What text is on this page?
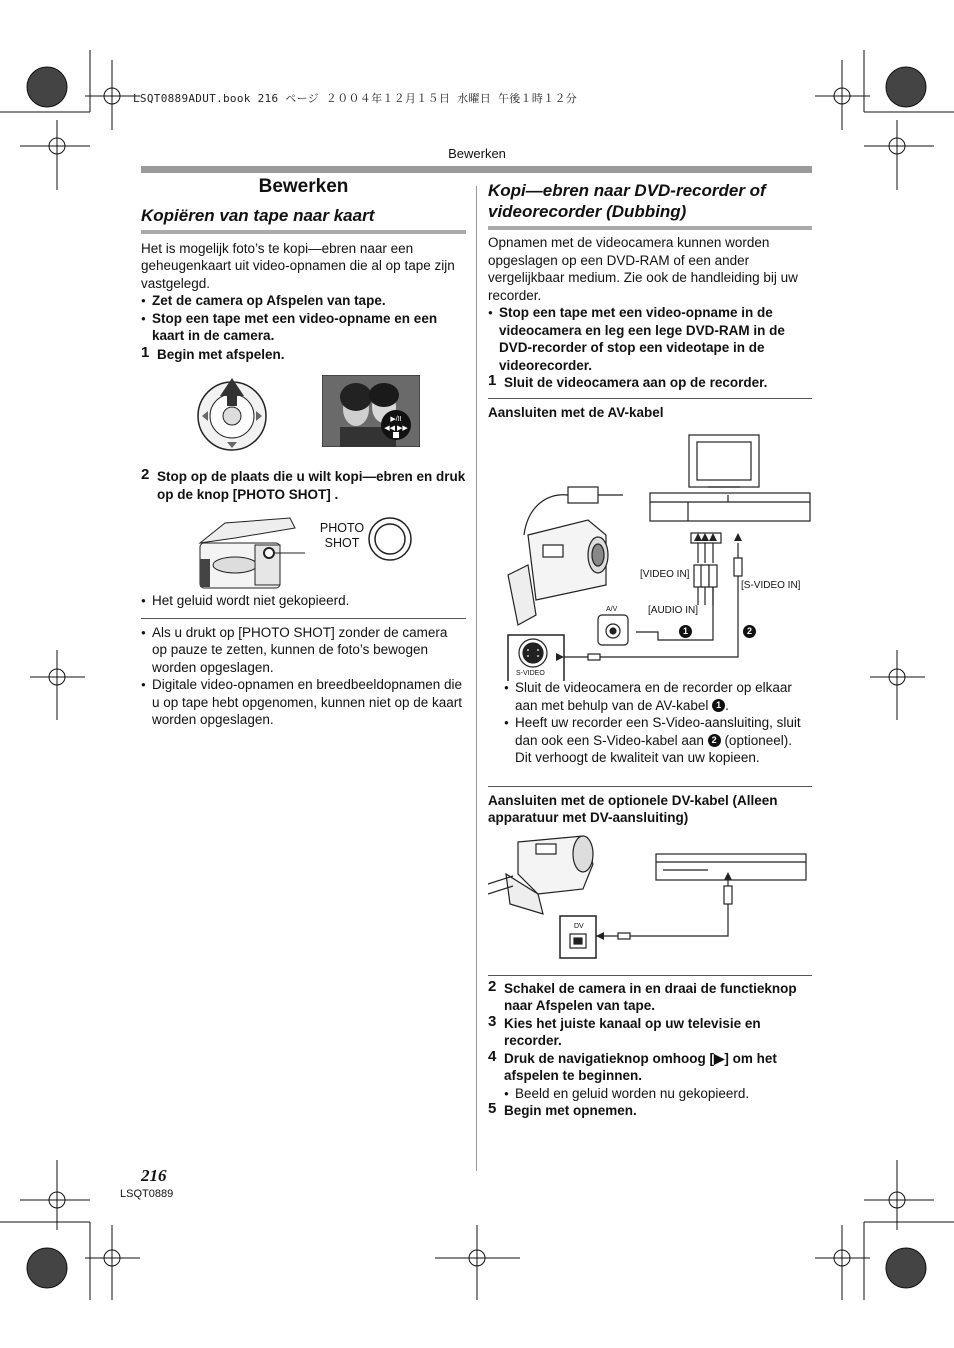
LSQT0889ADUT.book 216 ページ ２００４年１２月１５日 水曜日 午後１時１２分
Bewerken
Bewerken
Kopiëren van tape naar kaart
Het is mogelijk foto’s te kopi—ebren naar een geheugenkaart uit video-opnamen die al op tape zijn vastgelegd.
● Zet de camera op Afspelen van tape.
● Stop een tape met een video-opname en een kaart in de camera.
1 Begin met afspelen.
▶/II
◀◀ ▶▶
2 Stop op de plaats die u wilt kopi—ebren en druk op de knop [PHOTO SHOT] .
PHOTO
SHOT
● Het geluid wordt niet gekopieerd.
● Als u drukt op [PHOTO SHOT] zonder de camera op pauze te zetten, kunnen de foto’s bewogen worden opgeslagen.
● Digitale video-opnamen en breedbeeldopnamen die u op tape hebt opgenomen, kunnen niet op de kaart worden opgeslagen.
Kopi—ebren naar DVD-recorder of videorecorder (Dubbing)
Opnamen met de videocamera kunnen worden opgeslagen op een DVD-RAM of een ander vergelijkbaar medium. Zie ook de handleiding bij uw recorder.
● Stop een tape met een video-opname in de videocamera en leg een lege DVD-RAM in de DVD-recorder of stop een videotape in de videorecorder.
1 Sluit de videocamera aan op de recorder.
Aansluiten met de AV-kabel
[VIDEO IN]
[AUDIO IN]
[S-VIDEO IN]
A/V
S-VIDEO
1	2
● Sluit de videocamera en de recorder op elkaar aan met behulp van de AV-kabel 1 .
● Heeft uw recorder een S-Video-aansluiting, sluit dan ook een S-Video-kabel aan 2 (optioneel). Dit verhoogt de kwaliteit van uw kopieen.
Aansluiten met de optionele DV-kabel (Alleen apparatuur met DV-aansluiting)
DV
2 Schakel de camera in en draai de functieknop naar Afspelen van tape.
3 Kies het juiste kanaal op uw televisie en recorder.
4 Druk de navigatieknop omhoog [▶] om het afspelen te beginnen.
● Beeld en geluid worden nu gekopieerd.
5 Begin met opnemen.
216
LSQT0889
